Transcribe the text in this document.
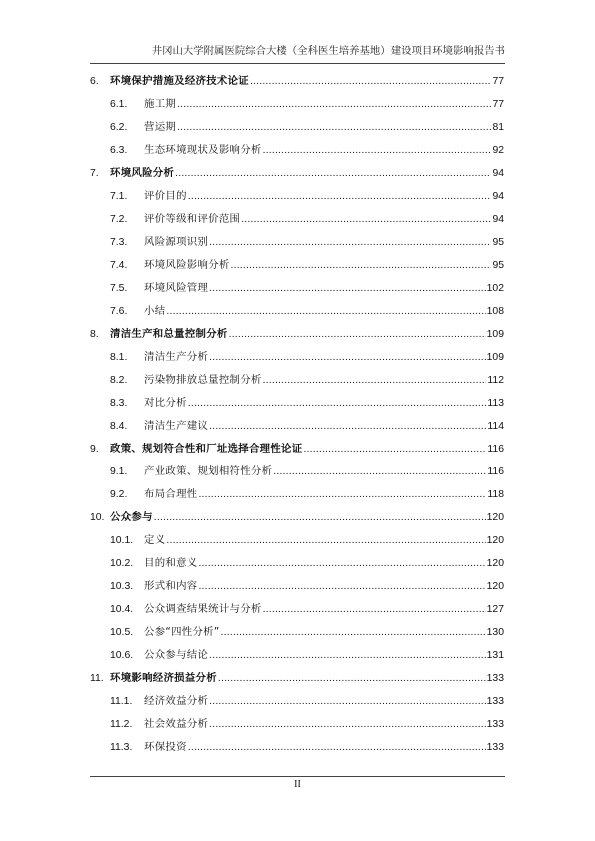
井冈山大学附属医院综合大楼（全科医生培养基地）建设项目环境影响报告书
6.	环境保护措施及经济技术论证 .....	77
6.1.	施工期 .....	77
6.2.	营运期 .....	81
6.3.	生态环境现状及影响分析 .....	92
7.	环境风险分析 .....	94
7.1.	评价目的 .....	94
7.2.	评价等级和评价范围 .....	94
7.3.	风险源项识别 .....	95
7.4.	环境风险影响分析 .....	95
7.5.	环境风险管理 .....	102
7.6.	小结 .....	108
8.	清洁生产和总量控制分析 .....	109
8.1.	清洁生产分析 .....	109
8.2.	污染物排放总量控制分析 .....	112
8.3.	对比分析 .....	113
8.4.	清洁生产建议 .....	114
9.	政策、规划符合性和厂址选择合理性论证 .....	116
9.1.	产业政策、规划相符性分析 .....	116
9.2.	布局合理性 .....	118
10. 公众参与 .....	120
10.1.	定义 .....	120
10.2.	目的和意义 .....	120
10.3.	形式和内容 .....	120
10.4.	公众调查结果统计与分析 .....	127
10.5.	公参“四性分析” .....	130
10.6.	公众参与结论 .....	131
11. 环境影响经济损益分析 .....	133
11.1.	经济效益分析 .....	133
11.2.	社会效益分析 .....	133
11.3.	环保投资 .....	133
II
